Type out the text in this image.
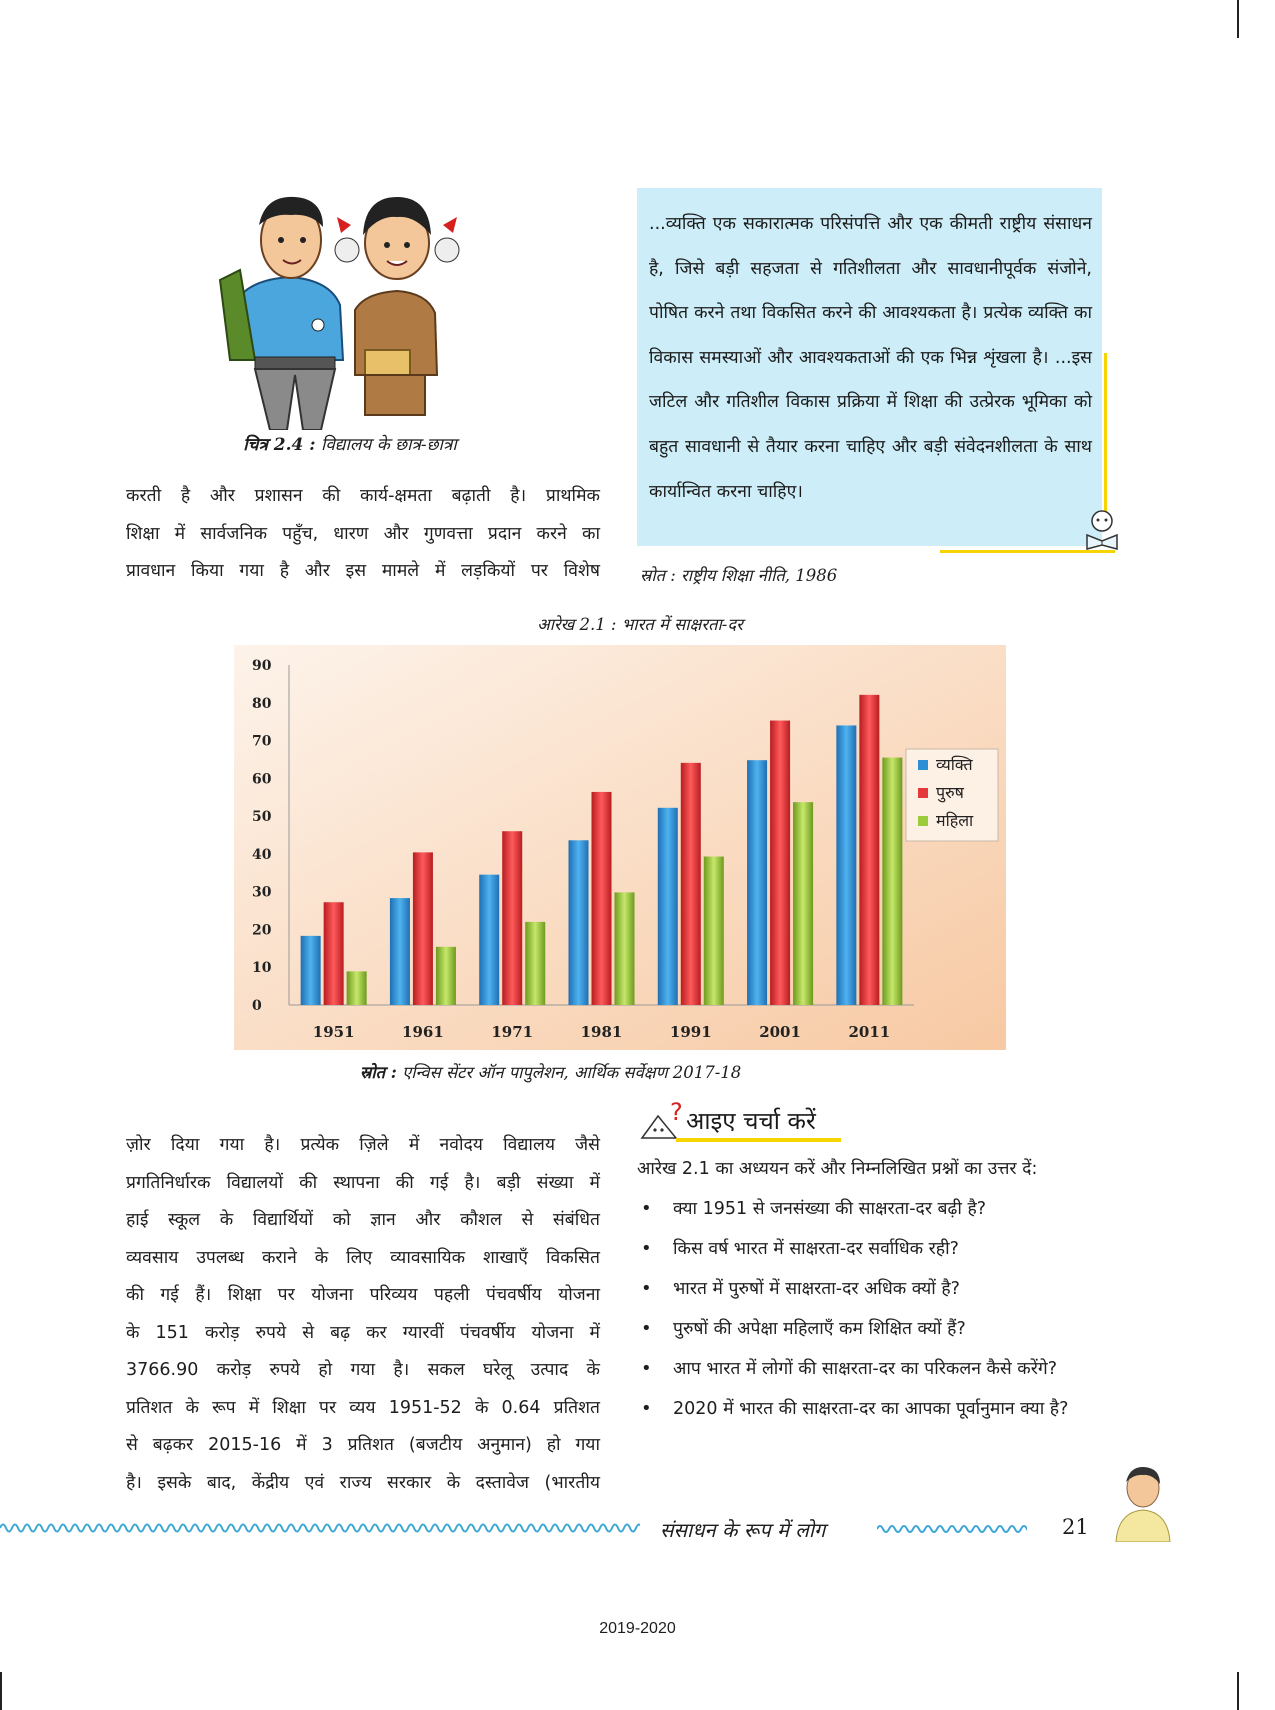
चित्र 2.4 : विद्यालय के छात्र-छात्रा

...व्यक्ति एक सकारात्मक परिसंपत्ति और एक कीमती राष्ट्रीय संसाधन है, जिसे बड़ी सहजता से गतिशीलता और सावधानीपूर्वक संजोने, पोषित करने तथा विकसित करने की आवश्यकता है। प्रत्येक व्यक्ति का विकास समस्याओं और आवश्यकताओं की एक भिन्न शृंखला है। ...इस जटिल और गतिशील विकास प्रक्रिया में शिक्षा की उत्प्रेरक भूमिका को बहुत सावधानी से तैयार करना चाहिए और बड़ी संवेदनशीलता के साथ कार्यान्वित करना चाहिए।

स्रोत : राष्ट्रीय शिक्षा नीति, 1986
करती है और प्रशासन की कार्य-क्षमता बढ़ाती है। प्राथमिक
शिक्षा में सार्वजनिक पहुँच, धारण और गुणवत्ता प्रदान करने का
प्रावधान किया गया है और इस मामले में लड़कियों पर विशेष
आरेख 2.1 : भारत में साक्षरता-दर
0
10
20
30
40
50
60
70
80
90
1951	1961	1971	1981	1991	2001	2011
व्यक्ति
पुरुष
महिला
स्रोत : एन्विस सेंटर ऑन पापुलेशन, आर्थिक सर्वेक्षण 2017-18
ज़ोर दिया गया है। प्रत्येक ज़िले में नवोदय विद्यालय जैसे
प्रगतिनिर्धारक विद्यालयों की स्थापना की गई है। बड़ी संख्या में
हाई स्कूल के विद्यार्थियों को ज्ञान और कौशल से संबंधित
व्यवसाय उपलब्ध कराने के लिए व्यावसायिक शाखाएँ विकसित
की गई हैं। शिक्षा पर योजना परिव्यय पहली पंचवर्षीय योजना
के 151 करोड़ रुपये से बढ़ कर ग्यारवीं पंचवर्षीय योजना में
3766.90 करोड़ रुपये हो गया है। सकल घरेलू उत्पाद के
प्रतिशत के रूप में शिक्षा पर व्यय 1951-52 के 0.64 प्रतिशत
से बढ़कर 2015-16 में 3 प्रतिशत (बजटीय अनुमान) हो गया
है। इसके बाद, केंद्रीय एवं राज्य सरकार के दस्तावेज (भारतीय
? आइए चर्चा करें
आरेख 2.1 का अध्ययन करें और निम्नलिखित प्रश्नों का उत्तर दें:
• क्या 1951 से जनसंख्या की साक्षरता-दर बढ़ी है?
• किस वर्ष भारत में साक्षरता-दर सर्वाधिक रही?
• भारत में पुरुषों में साक्षरता-दर अधिक क्यों है?
• पुरुषों की अपेक्षा महिलाएँ कम शिक्षित क्यों हैं?
• आप भारत में लोगों की साक्षरता-दर का परिकलन कैसे करेंगे?
• 2020 में भारत की साक्षरता-दर का आपका पूर्वानुमान क्या है?
संसाधन के रूप में लोग	21
2019-2020
